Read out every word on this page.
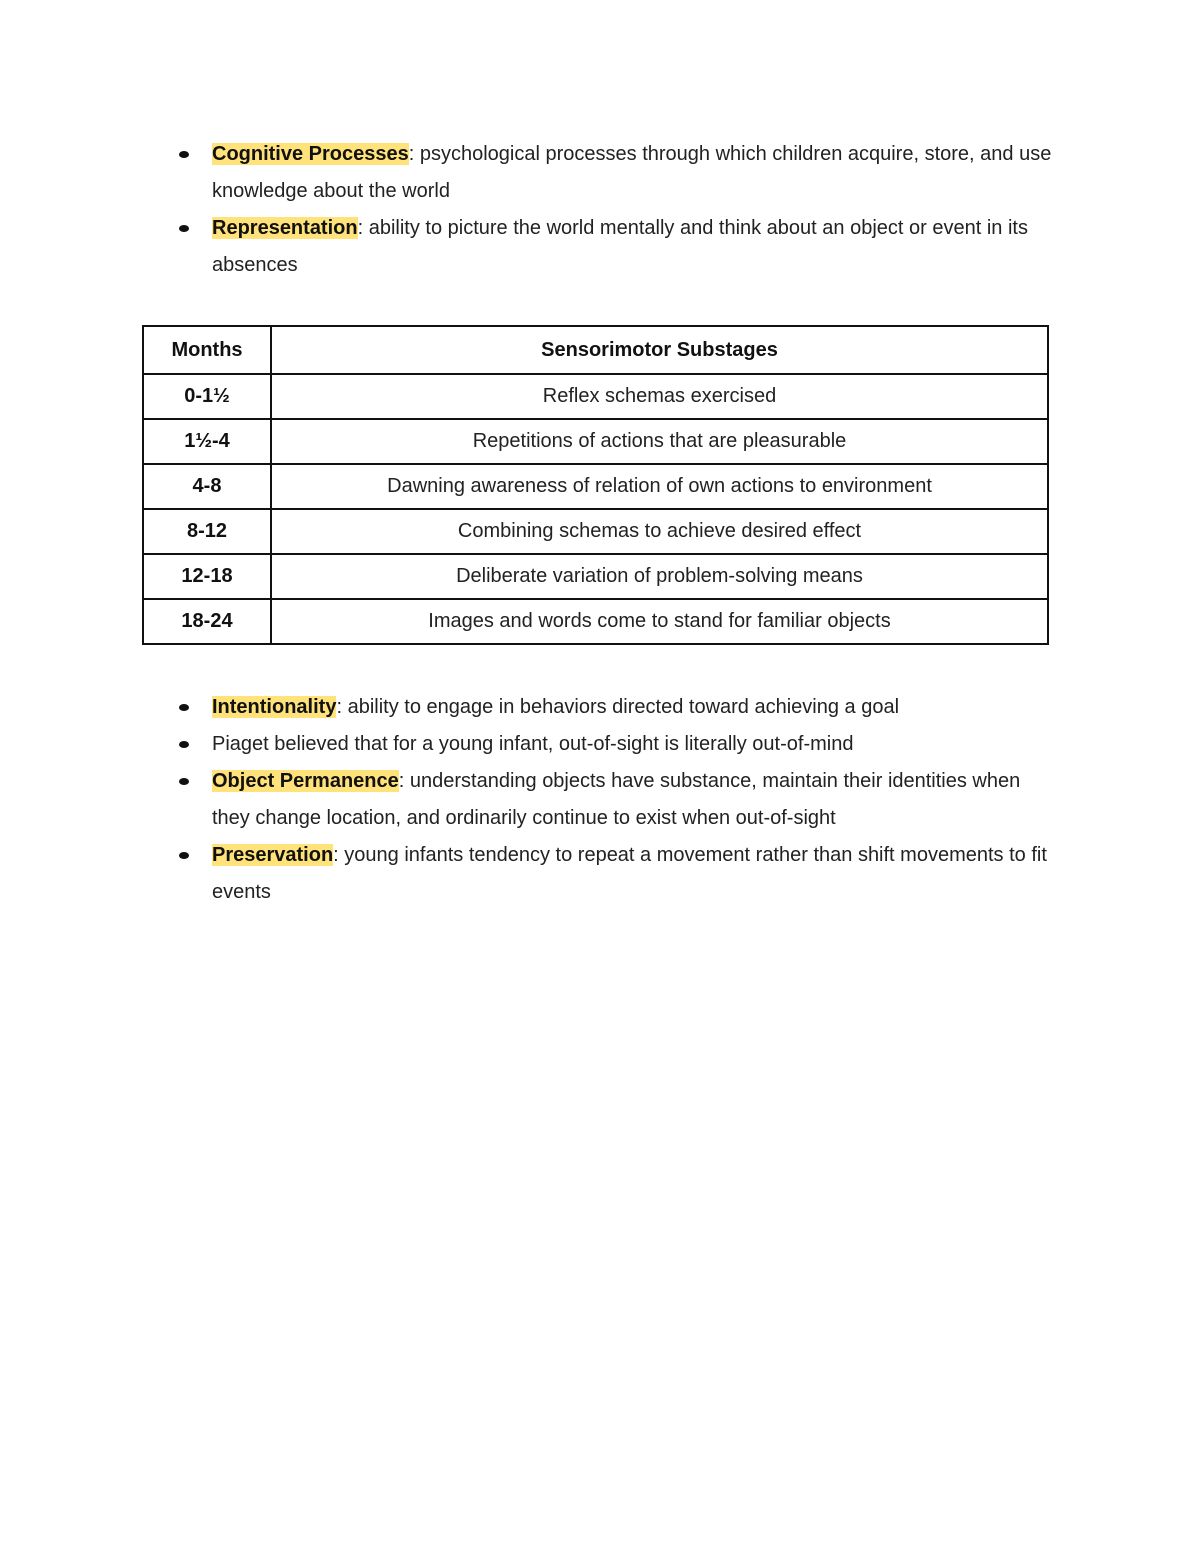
Cognitive Processes: psychological processes through which children acquire, store, and use knowledge about the world
Representation: ability to picture the world mentally and think about an object or event in its absences
Months	Sensorimotor Substages
0-1½	Reflex schemas exercised
1½-4	Repetitions of actions that are pleasurable
4-8	Dawning awareness of relation of own actions to environment
8-12	Combining schemas to achieve desired effect
12-18	Deliberate variation of problem-solving means
18-24	Images and words come to stand for familiar objects
Intentionality: ability to engage in behaviors directed toward achieving a goal
Piaget believed that for a young infant, out-of-sight is literally out-of-mind
Object Permanence: understanding objects have substance, maintain their identities when they change location, and ordinarily continue to exist when out-of-sight
Preservation: young infants tendency to repeat a movement rather than shift movements to fit events
